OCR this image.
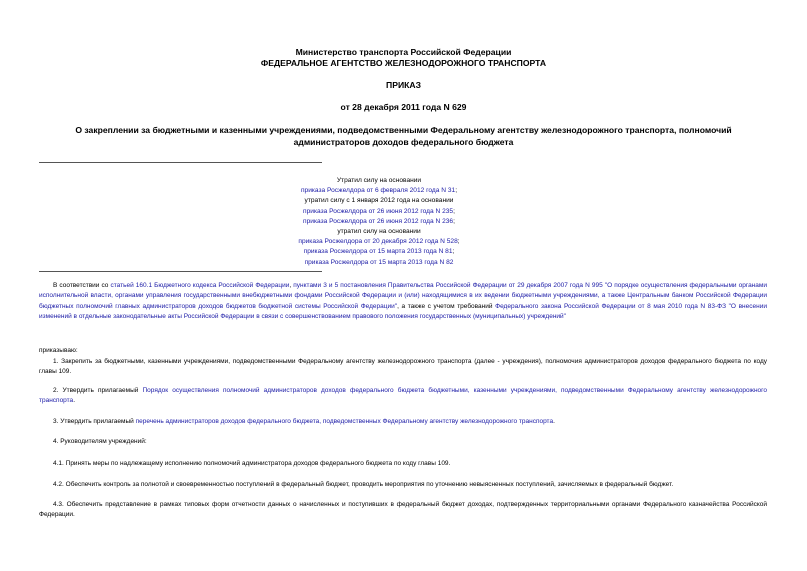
Министерство транспорта Российской Федерации
ФЕДЕРАЛЬНОЕ АГЕНТСТВО ЖЕЛЕЗНОДОРОЖНОГО ТРАНСПОРТА
ПРИКАЗ
от 28 декабря 2011 года N 629
О закреплении за бюджетными и казенными учреждениями, подведомственными Федеральному агентству железнодорожного транспорта, полномочий администраторов доходов федерального бюджета
Утратил силу на основании
приказа Росжелдора от 6 февраля 2012 года N 31;
утратил силу с 1 января 2012 года на основании
приказа Росжелдора от 26 июня 2012 года N 235;
приказа Росжелдора от 26 июня 2012 года N 236;
утратил силу на основании
приказа Росжелдора от 20 декабря 2012 года N 528;
приказа Росжелдора от 15 марта 2013 года N 81;
приказа Росжелдора от 15 марта 2013 года N 82
В соответствии со статьей 160.1 Бюджетного кодекса Российской Федерации, пунктами 3 и 5 постановления Правительства Российской Федерации от 29 декабря 2007 года N 995 "О порядке осуществления федеральными органами исполнительной власти, органами управления государственными внебюджетными фондами Российской Федерации и (или) находящимися в их ведении бюджетными учреждениями, а также Центральным банком Российской Федерации бюджетных полномочий главных администраторов доходов бюджетов бюджетной системы Российской Федерации", а также с учетом требований Федерального закона Российской Федерации от 8 мая 2010 года N 83-ФЗ "О внесении изменений в отдельные законодательные акты Российской Федерации в связи с совершенствованием правового положения государственных (муниципальных) учреждений"
приказываю:
1. Закрепить за бюджетными, казенными учреждениями, подведомственными Федеральному агентству железнодорожного транспорта (далее - учреждения), полномочия администраторов доходов федерального бюджета по коду главы 109.
2. Утвердить прилагаемый Порядок осуществления полномочий администраторов доходов федерального бюджета бюджетными, казенными учреждениями, подведомственными Федеральному агентству железнодорожного транспорта.
3. Утвердить прилагаемый перечень администраторов доходов федерального бюджета, подведомственных Федеральному агентству железнодорожного транспорта.
4. Руководителям учреждений:
4.1. Принять меры по надлежащему исполнению полномочий администратора доходов федерального бюджета по коду главы 109.
4.2. Обеспечить контроль за полнотой и своевременностью поступлений в федеральный бюджет, проводить мероприятия по уточнению невыясненных поступлений, зачисляемых в федеральный бюджет.
4.3. Обеспечить представление в рамках типовых форм отчетности данных о начисленных и поступивших в федеральный бюджет доходах, подтвержденных территориальными органами Федерального казначейства Российской Федерации.
